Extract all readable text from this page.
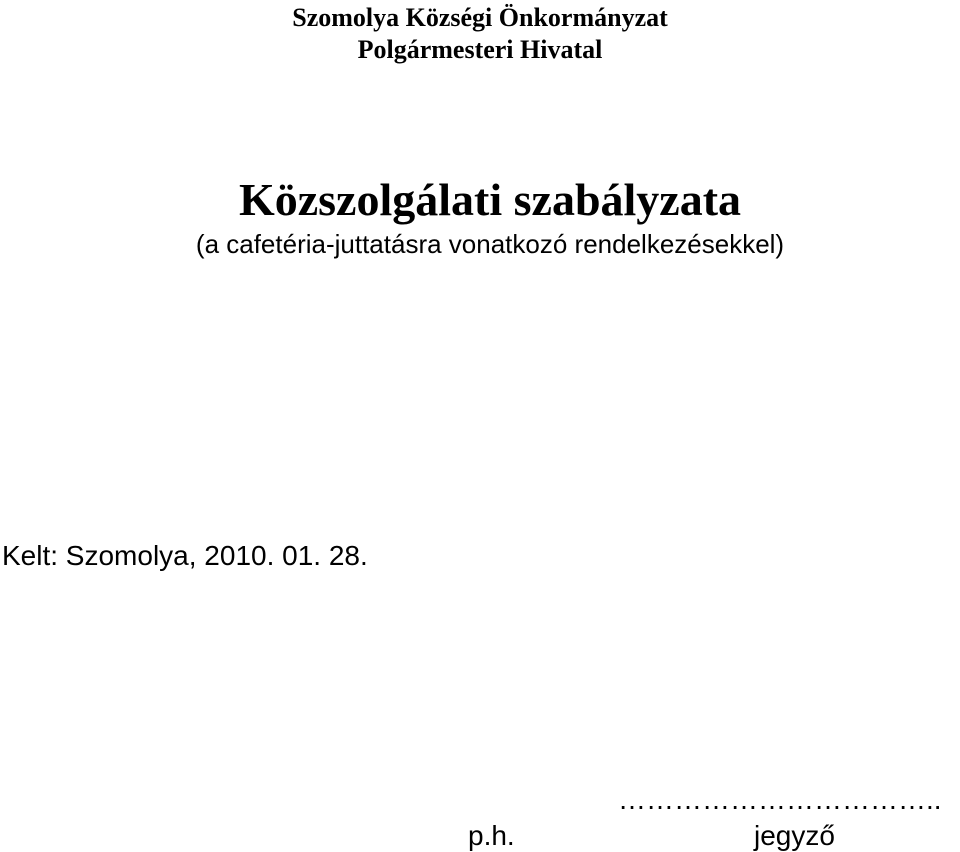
Szomolya Községi Önkormányzat
Polgármesteri Hivatal
Közszolgálati szabályzata
(a cafetéria-juttatásra vonatkozó rendelkezésekkel)
Kelt: Szomolya, 2010. 01. 28.
……………………………..
p.h.	jegyző
